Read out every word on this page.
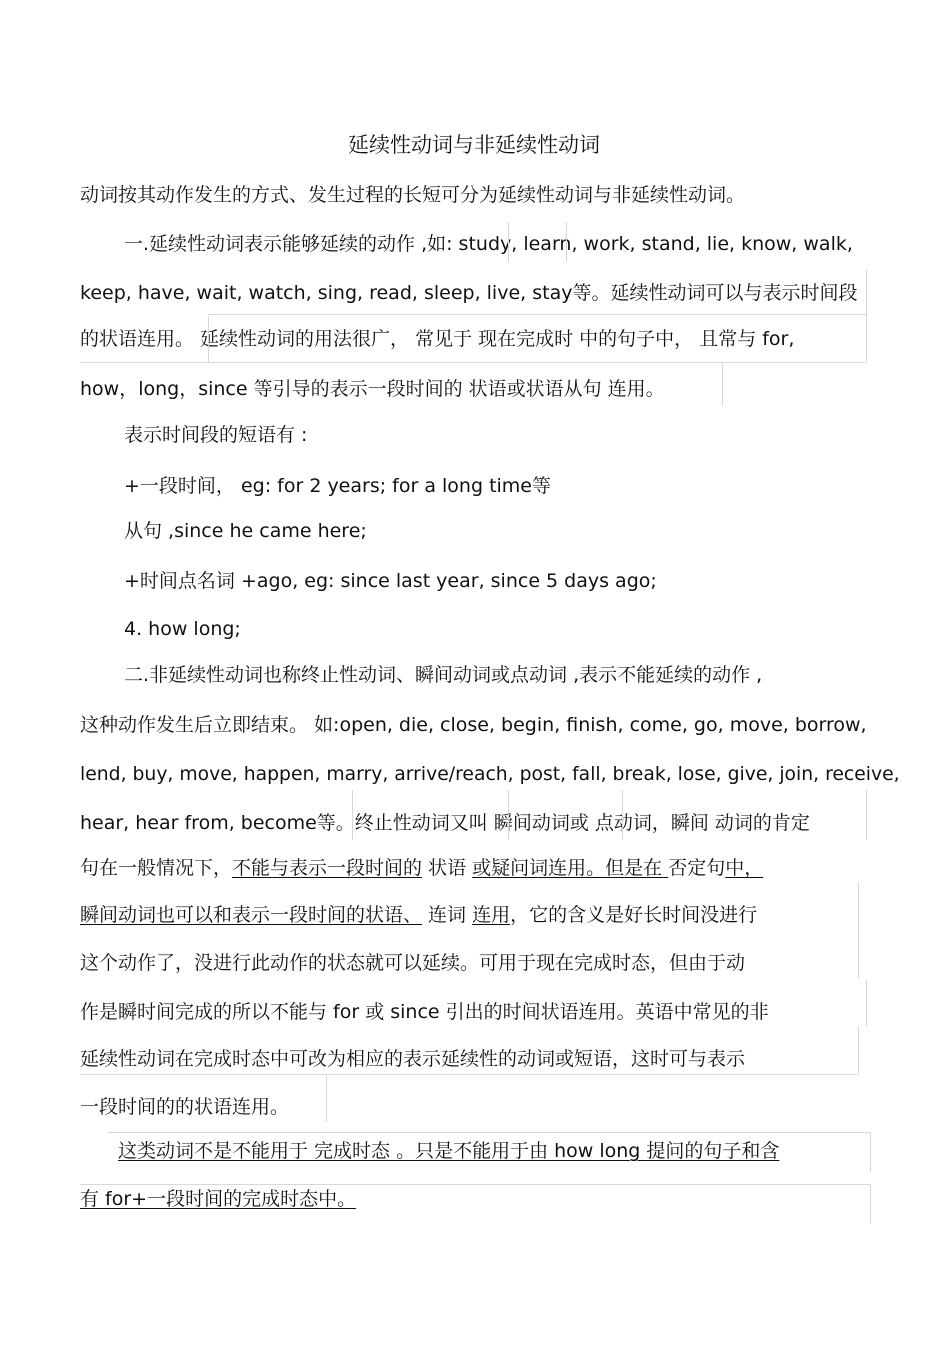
延续性动词与非延续性动词
动词按其动作发生的方式、发生过程的长短可分为延续性动词与非延续性动词。
一.延续性动词表示能够延续的动作 ,如: study, learn, work, stand, lie, know, walk,
keep, have, wait, watch, sing, read, sleep, live, stay等。延续性动词可以与表示时间段
的状语连用。 延续性动词的用法很广， 常见于 现在完成时 中的句子中， 且常与 for,
how，long，since 等引导的表示一段时间的 状语或状语从句 连用。
表示时间段的短语有 :
+一段时间， eg: for 2 years; for a long time等
从句 ,since he came here;
+时间点名词 +ago, eg: since last year, since 5 days ago;
4. how long;
二.非延续性动词也称终止性动词、瞬间动词或点动词 ,表示不能延续的动作 ,
这种动作发生后立即结束。 如:open, die, close, begin, finish, come, go, move, borrow,
lend, buy, move, happen, marry, arrive/reach, post, fall, break, lose, give, join, receive,
hear, hear from, become等。终止性动词又叫 瞬间动词或 点动词，瞬间 动词的肯定
句在一般情况下，不能与表示一段时间的 状语 或疑问词连用。但是在 否定句中，
瞬间动词也可以和表示一段时间的状语、 连词 连用，它的含义是好长时间没进行
这个动作了，没进行此动作的状态就可以延续。可用于现在完成时态，但由于动
作是瞬时间完成的所以不能与 for 或 since 引出的时间状语连用。英语中常见的非
延续性动词在完成时态中可改为相应的表示延续性的动词或短语，这时可与表示
一段时间的的状语连用。
这类动词不是不能用于 完成时态 。只是不能用于由 how long 提问的句子和含
有 for+一段时间的完成时态中。
